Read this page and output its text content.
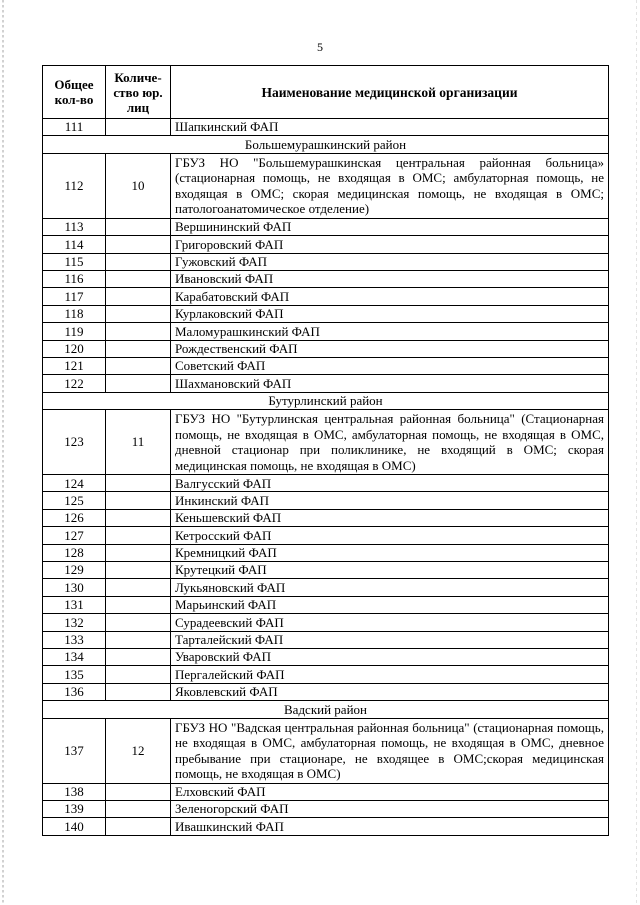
5
Общее кол-во	Количе-ство юр. лиц	Наименование медицинской организации
111		Шапкинский ФАП
Большемурашкинский район		
112	10	ГБУЗ НО "Большемурашкинская центральная районная больница» (стационарная помощь, не входящая в ОМС; амбулаторная помощь, не входящая в ОМС; скорая медицинская помощь, не входящая в ОМС; патологоанатомическое отделение)
113		Вершининский ФАП
114		Григоровский ФАП
115		Гужовский ФАП
116		Ивановский ФАП
117		Карабатовский ФАП
118		Курлаковский ФАП
119		Маломурашкинский ФАП
120		Рождественский ФАП
121		Советский ФАП
122		Шахмановский ФАП
Бутурлинский район		
123	11	ГБУЗ НО "Бутурлинская центральная районная больница" (Стационарная помощь, не входящая в ОМС, амбулаторная помощь, не входящая в ОМС, дневной стационар при поликлинике, не входящий в ОМС; скорая медицинская помощь, не входящая в ОМС)
124		Валгусский ФАП
125		Инкинский ФАП
126		Кеньшевский ФАП
127		Кетросский ФАП
128		Кремницкий ФАП
129		Крутецкий ФАП
130		Лукьяновский ФАП
131		Марьинский ФАП
132		Сурадеевский ФАП
133		Тарталейский ФАП
134		Уваровский ФАП
135		Пергалейский ФАП
136		Яковлевский ФАП
Вадский район		
137	12	ГБУЗ НО "Вадская центральная районная больница" (стационарная помощь, не входящая в ОМС, амбулаторная помощь, не входящая в ОМС, дневное пребывание при стационаре, не входящее в ОМС;скорая медицинская помощь, не входящая в ОМС)
138		Елховский ФАП
139		Зеленогорский ФАП
140		Ивашкинский ФАП
